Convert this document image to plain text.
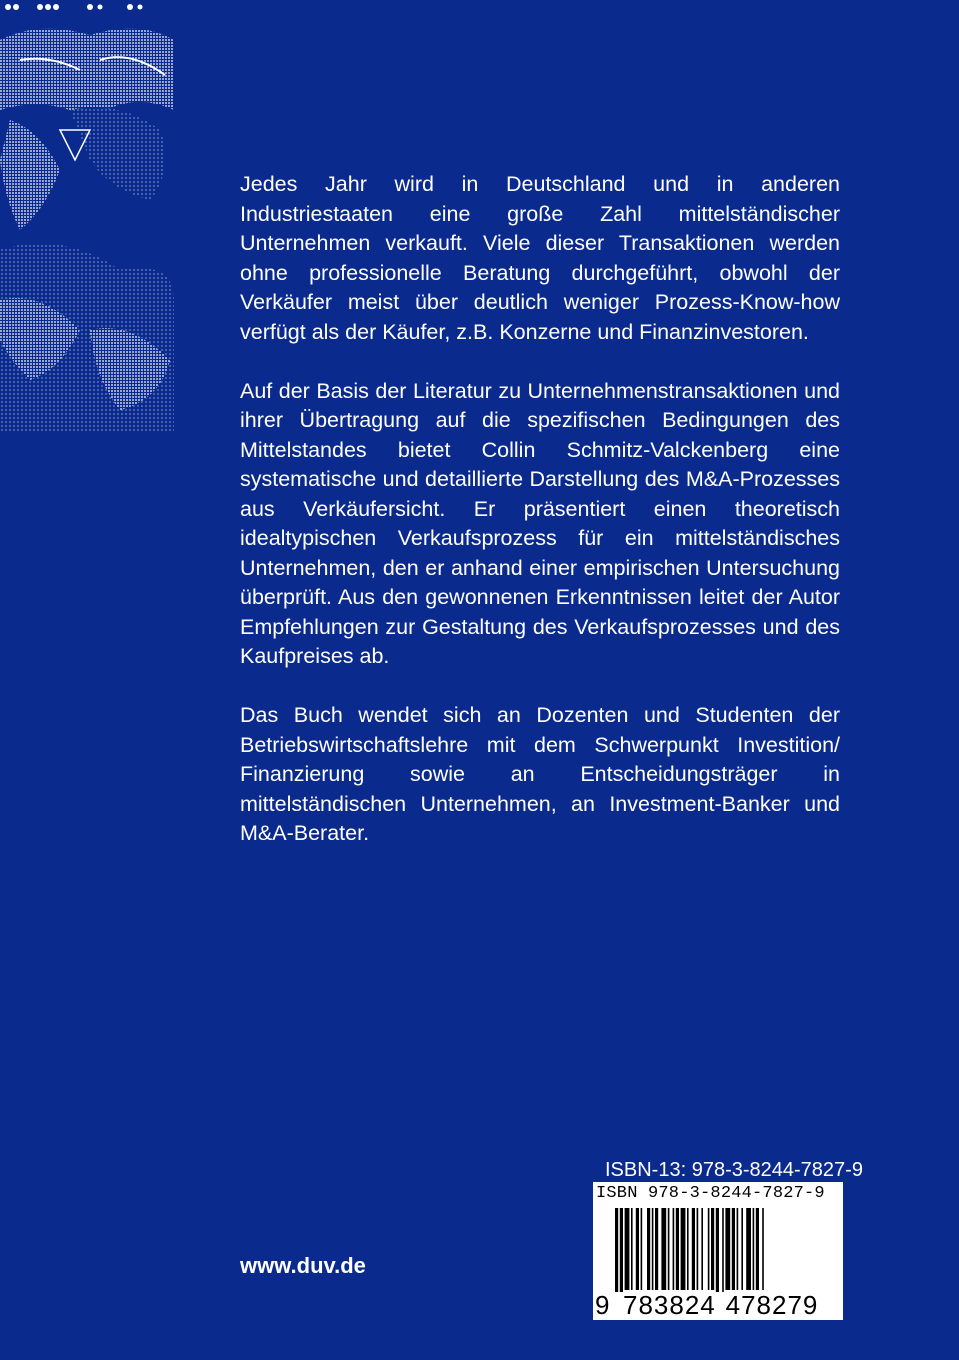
Jedes Jahr wird in Deutschland und in anderen Industriestaaten eine große Zahl mittelständischer Unternehmen verkauft. Viele dieser Transaktionen werden ohne professionelle Beratung durchgeführt, obwohl der Verkäufer meist über deutlich weniger Prozess-Know-how verfügt als der Käufer, z.B. Konzerne und Finanzinvestoren.

Auf der Basis der Literatur zu Unternehmenstransaktionen und ihrer Übertragung auf die spezifischen Bedingungen des Mittelstandes bietet Collin Schmitz-Valckenberg eine systematische und detaillierte Darstellung des M&A-Prozesses aus Verkäufersicht. Er präsentiert einen theoretisch idealtypischen Verkaufsprozess für ein mittelständisches Unternehmen, den er anhand einer empirischen Untersuchung überprüft. Aus den gewonnenen Erkenntnissen leitet der Autor Empfehlungen zur Gestaltung des Verkaufsprozesses und des Kaufpreises ab.

Das Buch wendet sich an Dozenten und Studenten der Betriebswirtschaftslehre mit dem Schwerpunkt Investition/ Finanzierung sowie an Entscheidungsträger in mittelständischen Unternehmen, an Investment-Banker und M&A-Berater.

ISBN-13: 978-3-8244-7827-9
ISBN 978-3-8244-7827-9
9 783824 478279
www.duv.de
